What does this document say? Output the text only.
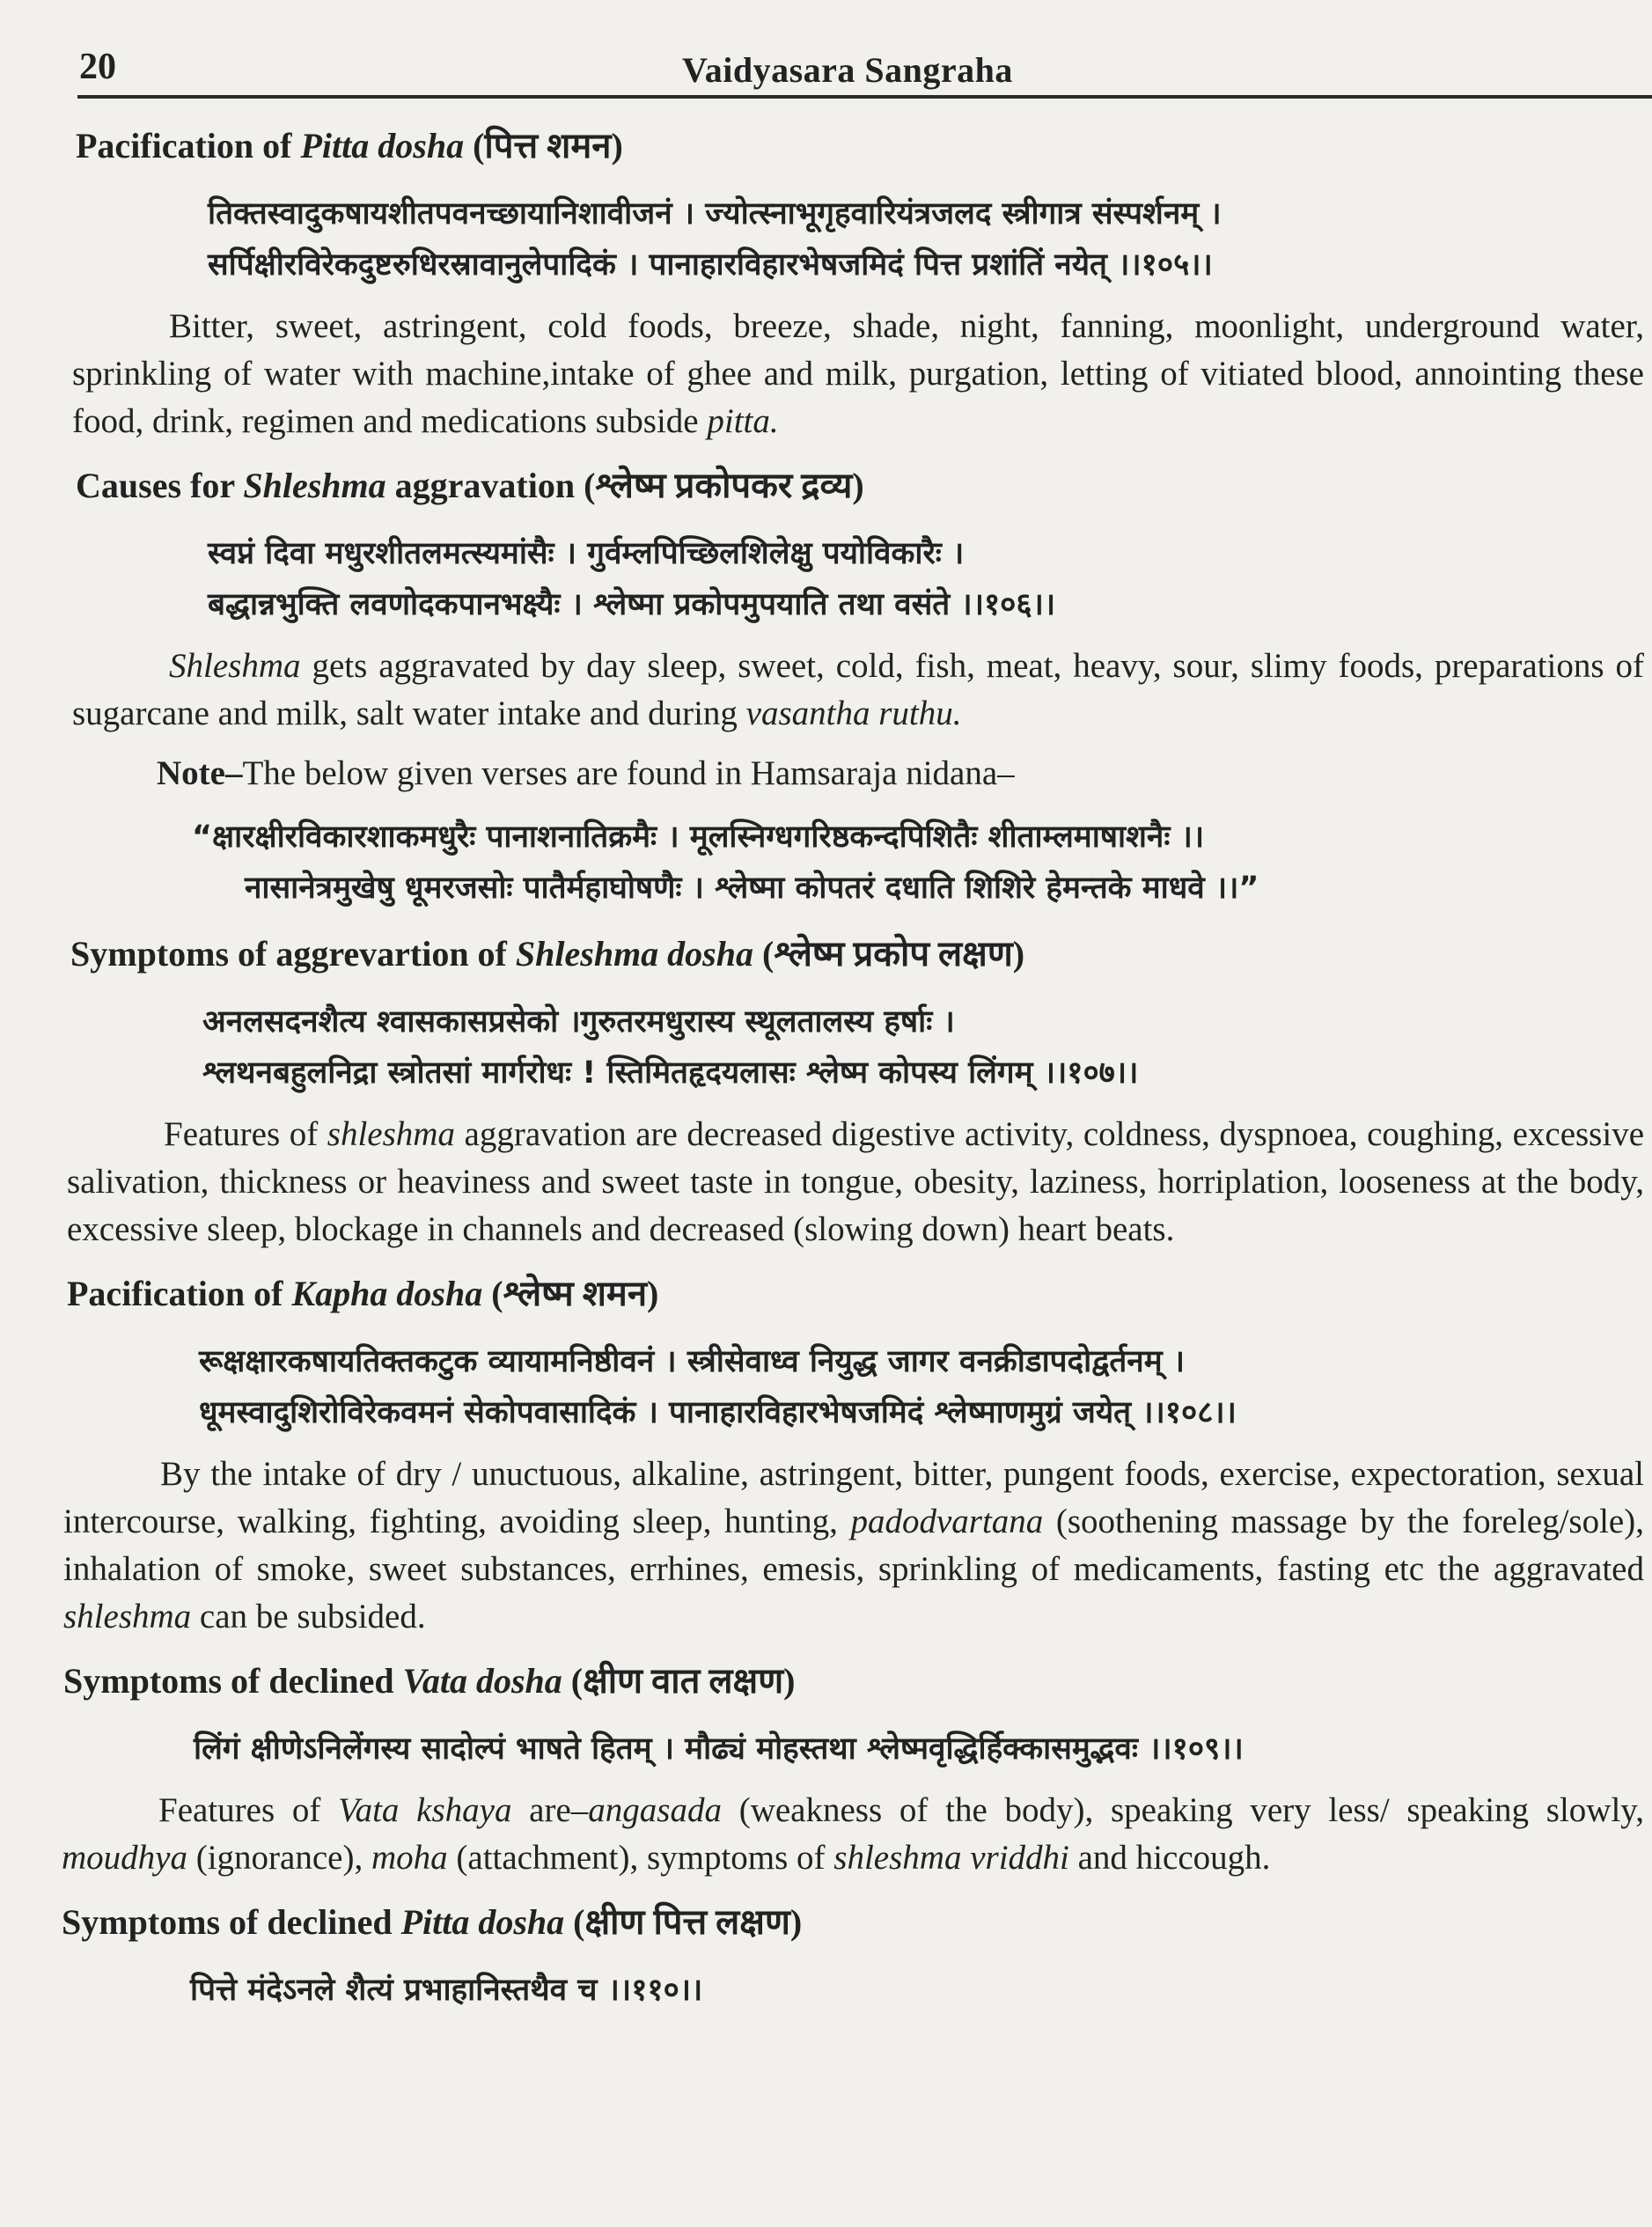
20	Vaidyasara Sangraha
Pacification of Pitta dosha (पित्त शमन)
तिक्तस्वादुकषायशीतपवनच्छायानिशावीजनं । ज्योत्स्नाभूगृहवारियंत्रजलद स्त्रीगात्र संस्पर्शनम् ।
सर्पिक्षीरविरेकदुष्टरुधिरस्रावानुलेपादिकं । पानाहारविहारभेषजमिदं पित्त प्रशांतिं नयेत् ।।१०५।।

Bitter, sweet, astringent, cold foods, breeze, shade, night, fanning, moonlight, underground water, sprinkling of water with machine,intake of ghee and milk, purgation, letting of vitiated blood, annointing these food, drink, regimen and medications subside pitta.

Causes for Shleshma aggravation (श्लेष्म प्रकोपकर द्रव्य)
स्वप्नं दिवा मधुरशीतलमत्स्यमांसैः । गुर्वम्लपिच्छिलशिलेक्षु पयोविकारैः ।
बद्धान्नभुक्ति लवणोदकपानभक्ष्यैः । श्लेष्मा प्रकोपमुपयाति तथा वसंते ।।१०६।।

Shleshma gets aggravated by day sleep, sweet, cold, fish, meat, heavy, sour, slimy foods, preparations of sugarcane and milk, salt water intake and during vasantha ruthu.

Note–The below given verses are found in Hamsaraja nidana–

“क्षारक्षीरविकारशाकमधुरैः पानाशनातिक्रमैः । मूलस्निग्धगरिष्ठकन्दपिशितैः शीताम्लमाषाशनैः ।।
नासानेत्रमुखेषु धूमरजसोः पातैर्महाघोषणैः । श्लेष्मा कोपतरं दधाति शिशिरे हेमन्तके माधवे ।।”
Symptoms of aggrevartion of Shleshma dosha (श्लेष्म प्रकोप लक्षण)
अनलसदनशैत्य श्वासकासप्रसेको ।गुरुतरमधुरास्य स्थूलतालस्य हर्षाः ।
श्लथनबहुलनिद्रा स्त्रोतसां मार्गरोधः ! स्तिमितहृदयलासः श्लेष्म कोपस्य लिंगम् ।।१०७।।

Features of shleshma aggravation are decreased digestive activity, coldness, dyspnoea, coughing, excessive salivation, thickness or heaviness and sweet taste in tongue, obesity, laziness, horriplation, looseness at the body, excessive sleep, blockage in channels and decreased (slowing down) heart beats.

Pacification of Kapha dosha (श्लेष्म शमन)
रूक्षक्षारकषायतिक्तकटुक व्यायामनिष्ठीवनं । स्त्रीसेवाध्व नियुद्ध जागर वनक्रीडापदोद्वर्तनम् ।
धूमस्वादुशिरोविरेकवमनं सेकोपवासादिकं । पानाहारविहारभेषजमिदं श्लेष्माणमुग्रं जयेत् ।।१०८।।

By the intake of dry / unuctuous, alkaline, astringent, bitter, pungent foods, exercise, expectoration, sexual intercourse, walking, fighting, avoiding sleep, hunting, padodvartana (soothening massage by the foreleg/sole), inhalation of smoke, sweet substances, errhines, emesis, sprinkling of medicaments, fasting etc the aggravated shleshma can be subsided.

Symptoms of declined Vata dosha (क्षीण वात लक्षण)
लिंगं क्षीणेऽनिलेंगस्य सादोल्पं भाषते हितम् । मौढ्यं मोहस्तथा श्लेष्मवृद्धिर्हिक्कासमुद्भवः ।।१०९।।

Features of Vata kshaya are–angasada (weakness of the body), speaking very less/ speaking slowly, moudhya (ignorance), moha (attachment), symptoms of shleshma vriddhi and hiccough.

Symptoms of declined Pitta dosha (क्षीण पित्त लक्षण)
पित्ते मंदेऽनले शैत्यं प्रभाहानिस्तथैव च ।।११०।।
